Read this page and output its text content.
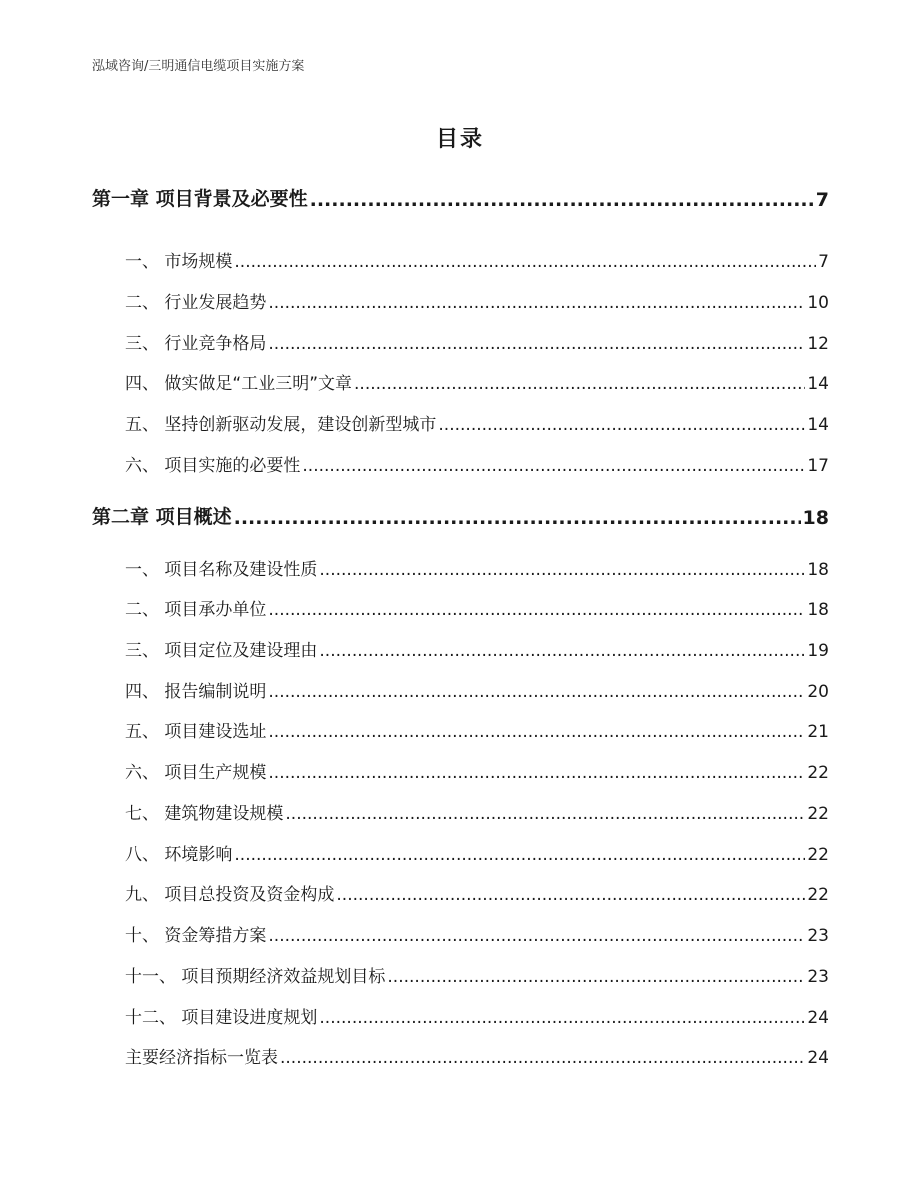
泓域咨询/三明通信电缆项目实施方案
目录
第一章 项目背景及必要性 .....	7
一、 市场规模 .....	7
二、 行业发展趋势 .....	10
三、 行业竞争格局 .....	12
四、 做实做足“工业三明”文章 .....	14
五、 坚持创新驱动发展，建设创新型城市 .....	14
六、 项目实施的必要性 .....	17
第二章 项目概述 .....	18
一、 项目名称及建设性质 .....	18
二、 项目承办单位 .....	18
三、 项目定位及建设理由 .....	19
四、 报告编制说明 .....	20
五、 项目建设选址 .....	21
六、 项目生产规模 .....	22
七、 建筑物建设规模 .....	22
八、 环境影响 .....	22
九、 项目总投资及资金构成 .....	22
十、 资金筹措方案 .....	23
十一、 项目预期经济效益规划目标 .....	23
十二、 项目建设进度规划 .....	24
主要经济指标一览表 .....	24
